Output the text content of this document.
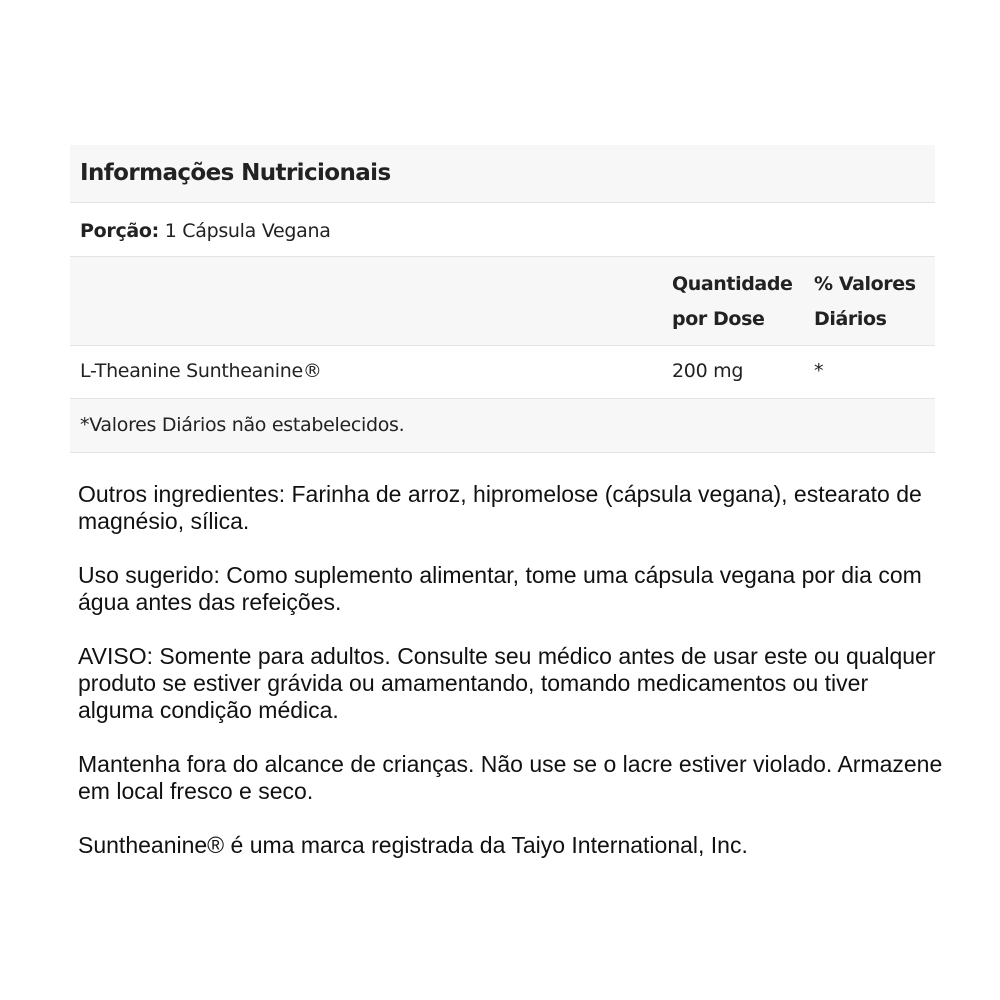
Informações Nutricionais
Porção: 1 Cápsula Vegana
Quantidade
por Dose
% Valores
Diários
L-Theanine Suntheanine®	200 mg	*
*Valores Diários não estabelecidos.

Outros ingredientes: Farinha de arroz, hipromelose (cápsula vegana), estearato de magnésio, sílica.

Uso sugerido: Como suplemento alimentar, tome uma cápsula vegana por dia com água antes das refeições.

AVISO: Somente para adultos. Consulte seu médico antes de usar este ou qualquer produto se estiver grávida ou amamentando, tomando medicamentos ou tiver alguma condição médica.

Mantenha fora do alcance de crianças. Não use se o lacre estiver violado. Armazene em local fresco e seco.

Suntheanine® é uma marca registrada da Taiyo International, Inc.
